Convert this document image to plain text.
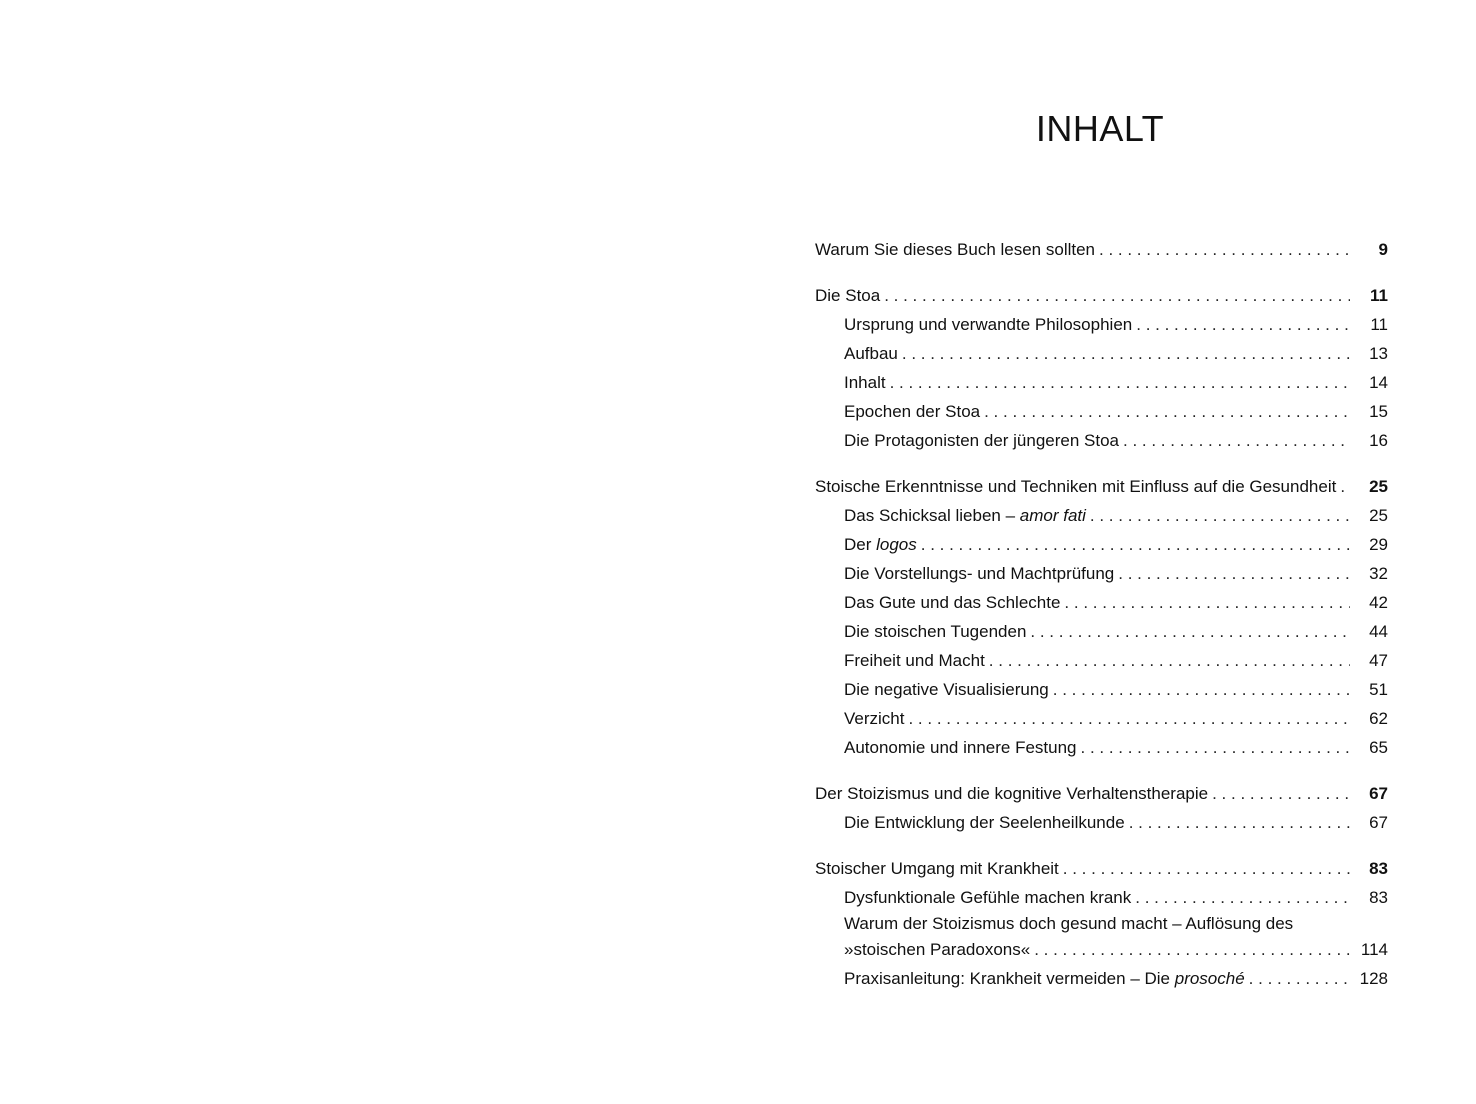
INHALT
Warum Sie dieses Buch lesen sollten . . .	9
Die Stoa . . .	11
Ursprung und verwandte Philosophien . . .	11
Aufbau . . .	13
Inhalt . . .	14
Epochen der Stoa . . .	15
Die Protagonisten der jüngeren Stoa . . .	16
Stoische Erkenntnisse und Techniken mit Einfluss auf die Gesundheit . . .	25
Das Schicksal lieben – amor fati . . .	25
Der logos . . .	29
Die Vorstellungs- und Machtprüfung . . .	32
Das Gute und das Schlechte . . .	42
Die stoischen Tugenden . . .	44
Freiheit und Macht . . .	47
Die negative Visualisierung . . .	51
Verzicht . . .	62
Autonomie und innere Festung . . .	65
Der Stoizismus und die kognitive Verhaltenstherapie . . .	67
Die Entwicklung der Seelenheilkunde . . .	67
Stoischer Umgang mit Krankheit . . .	83
Dysfunktionale Gefühle machen krank . . .	83
Warum der Stoizismus doch gesund macht – Auflösung des
»stoischen Paradoxons« . . .	114
Praxisanleitung: Krankheit vermeiden – Die prosoché . . .	128
